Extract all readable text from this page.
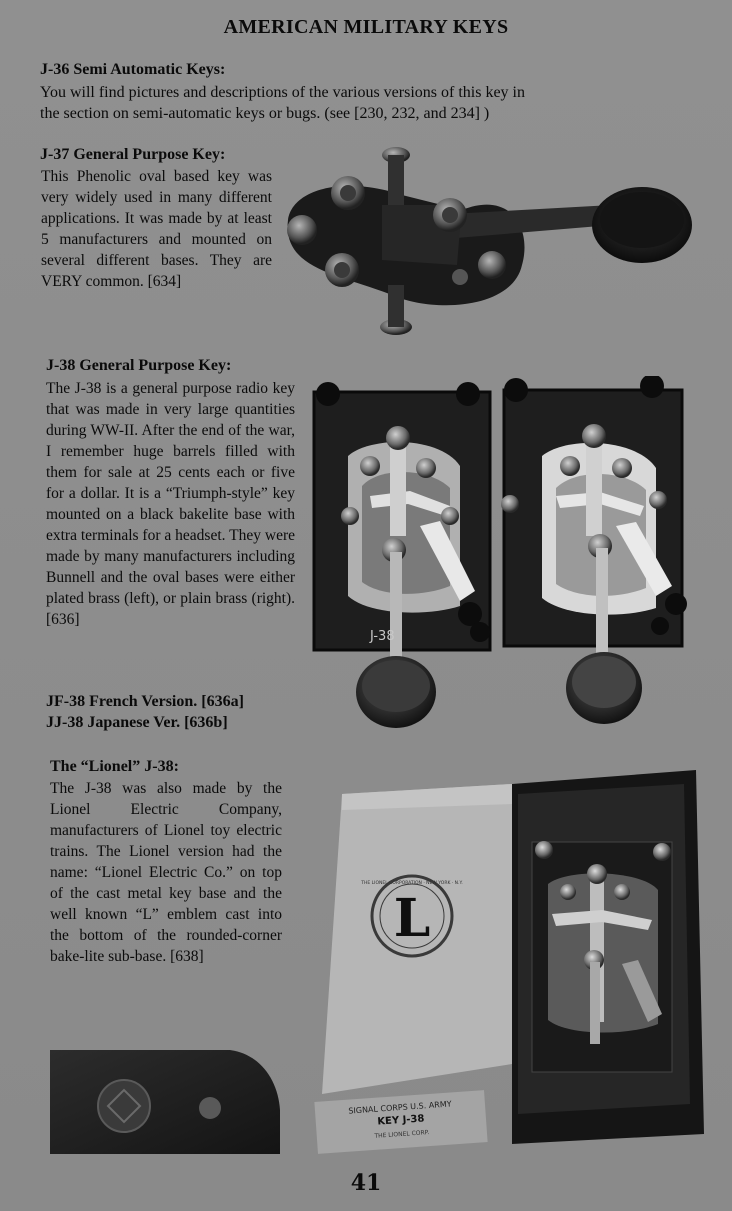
AMERICAN MILITARY KEYS
J-36 Semi Automatic Keys:
You will find pictures and descriptions of the various versions of this key in
the section on semi-automatic keys or bugs. (see [230, 232, and 234] )
J-37 General Purpose Key:
This Phenolic oval based key was very widely used in many different applications. It was made by at least 5 manufacturers and mounted on several different bases. They are VERY common. [634]
J-38 General Purpose Key:
The J-38 is a general purpose radio key that was made in very large quantities during WW-II. After the end of the war, I remember huge barrels filled with them for sale at 25 cents each or five for a dollar. It is a “Triumph-style” key mounted on a black bakelite base with extra terminals for a headset. They were made by many manufacturers including Bunnell and the oval bases were either plated brass (left), or plain brass (right). [636]
JF-38 French Version. [636a]
JJ-38 Japanese Ver. [636b]
J-38
The “Lionel” J-38:
The J-38 was also made by the Lionel Electric Company, manufacturers of Lionel toy electric trains. The Lionel version had the name: “Lionel Electric Co.” on top of the cast metal key base and the well known “L” emblem cast into the bottom of the rounded-corner bake-lite sub-base. [638]
L
THE LIONEL CORPORATION · NEW YORK · N.Y.
SIGNAL CORPS U.S. ARMY
KEY J-38
THE LIONEL CORP.
41
